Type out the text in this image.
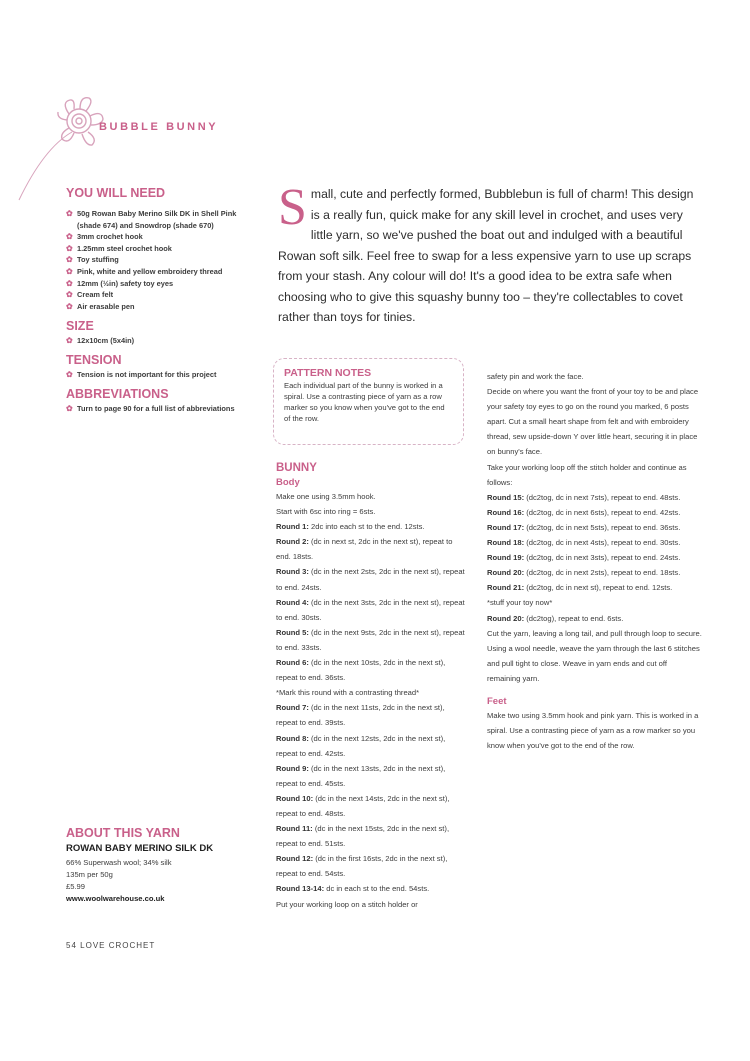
BUBBLE BUNNY
YOU WILL NEED
✿ 50g Rowan Baby Merino Silk DK in Shell Pink (shade 674) and Snowdrop (shade 670)
✿ 3mm crochet hook
✿ 1.25mm steel crochet hook
✿ Toy stuffing
✿ Pink, white and yellow embroidery thread
✿ 12mm (½in) safety toy eyes
✿ Cream felt
✿ Air erasable pen
SIZE
✿ 12x10cm (5x4in)
TENSION
✿ Tension is not important for this project
ABBREVIATIONS
✿ Turn to page 90 for a full list of abbreviations
Small, cute and perfectly formed, Bubblebun is full of charm! This design is a really fun, quick make for any skill level in crochet, and uses very little yarn, so we've pushed the boat out and indulged with a beautiful Rowan soft silk. Feel free to swap for a less expensive yarn to use up scraps from your stash. Any colour will do! It's a good idea to be extra safe when choosing who to give this squashy bunny too – they're collectables to covet rather than toys for tinies.
PATTERN NOTES

Each individual part of the bunny is worked in a spiral. Use a contrasting piece of yarn as a row marker so you know when you've got to the end of the row.

BUNNY
Body

Make one using 3.5mm hook.

Start with 6sc into ring = 6sts.

Round 1: 2dc into each st to the end. 12sts.

Round 2: (dc in next st, 2dc in the next st), repeat to end. 18sts.

Round 3: (dc in the next 2sts, 2dc in the next st), repeat to end. 24sts.

Round 4: (dc in the next 3sts, 2dc in the next st), repeat to end. 30sts.

Round 5: (dc in the next 9sts, 2dc in the next st), repeat to end. 33sts.

Round 6: (dc in the next 10sts, 2dc in the next st), repeat to end. 36sts.

*Mark this round with a contrasting thread*

Round 7: (dc in the next 11sts, 2dc in the next st), repeat to end. 39sts.

Round 8: (dc in the next 12sts, 2dc in the next st), repeat to end. 42sts.

Round 9: (dc in the next 13sts, 2dc in the next st), repeat to end. 45sts.

Round 10: (dc in the next 14sts, 2dc in the next st), repeat to end. 48sts.

Round 11: (dc in the next 15sts, 2dc in the next st), repeat to end. 51sts.

Round 12: (dc in the first 16sts, 2dc in the next st), repeat to end. 54sts.

Round 13-14: dc in each st to the end. 54sts.

Put your working loop on a stitch holder or

safety pin and work the face.

Decide on where you want the front of your toy to be and place your safety toy eyes to go on the round you marked, 6 posts apart. Cut a small heart shape from felt and with embroidery thread, sew upside-down Y over little heart, securing it in place on bunny's face.

Take your working loop off the stitch holder and continue as follows:

Round 15: (dc2tog, dc in next 7sts), repeat to end. 48sts.

Round 16: (dc2tog, dc in next 6sts), repeat to end. 42sts.

Round 17: (dc2tog, dc in next 5sts), repeat to end. 36sts.

Round 18: (dc2tog, dc in next 4sts), repeat to end. 30sts.

Round 19: (dc2tog, dc in next 3sts), repeat to end. 24sts.

Round 20: (dc2tog, dc in next 2sts), repeat to end. 18sts.

Round 21: (dc2tog, dc in next st), repeat to end. 12sts.

*stuff your toy now*

Round 20: (dc2tog), repeat to end. 6sts.

Cut the yarn, leaving a long tail, and pull through loop to secure. Using a wool needle, weave the yarn through the last 6 stitches and pull tight to close. Weave in yarn ends and cut off remaining yarn.

Feet

Make two using 3.5mm hook and pink yarn. This is worked in a spiral. Use a contrasting piece of yarn as a row marker so you know when you've got to the end of the row.

ABOUT THIS YARN
ROWAN BABY MERINO SILK DK

66% Superwash wool; 34% silk

135m per 50g

£5.99

www.woolwarehouse.co.uk

54 LOVE CROCHET
